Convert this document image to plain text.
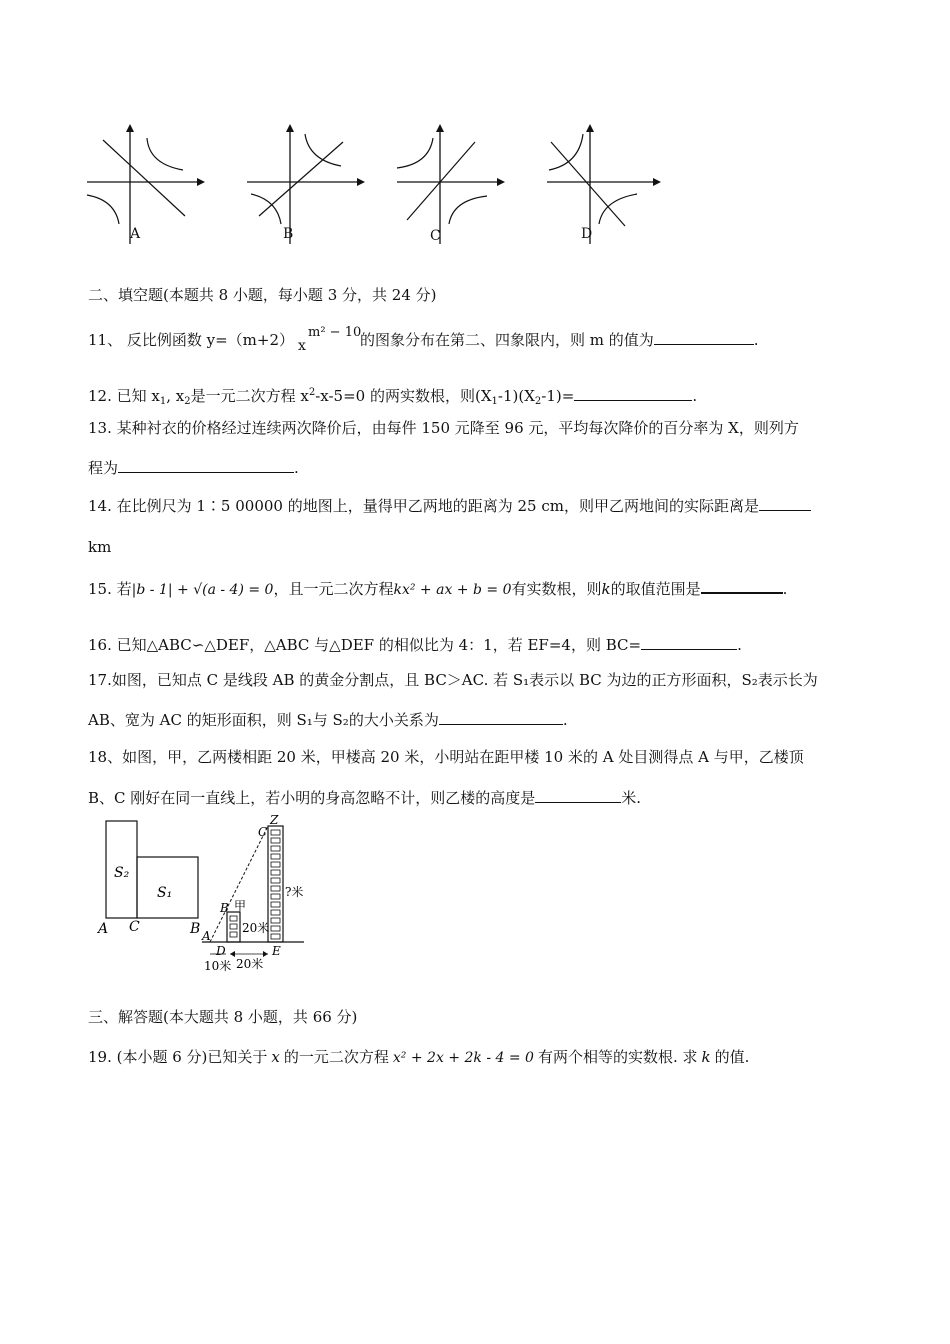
A	B	C	D
二、填空题(本题共 8 小题，每小题 3 分，共 24 分)
11、 反比例函数 y=（m+2） x
m² − 10
的图象分布在第二、四象限内，则 m 的值为	.
12. 已知 $x_1$, $x_2$是一元二次方程 $x^2-x-5=0$ 的两实数根，则$(X_1-1)(X_2-1)=$	.
13. 某种衬衣的价格经过连续两次降价后，由每件 150 元降至 96 元，平均每次降价的百分率为 X，则列方
程为	.
14. 在比例尺为 1∶5 00000 的地图上，量得甲乙两地的距离为 25 cm，则甲乙两地间的实际距离是
km
15. 若|b - 1| + √(a - 4) = 0，且一元二次方程kx² + ax + b = 0有实数根，则k的取值范围是	.
16. 已知△ABC∽△DEF，△ABC 与△DEF 的相似比为 4：1，若 EF=4，则 BC=	.
17.如图，已知点 C 是线段 AB 的黄金分割点，且 BC＞AC. 若 S₁表示以 BC 为边的正方形面积，S₂表示长为
AB、宽为 AC 的矩形面积，则 S₁与 S₂的大小关系为	.
18、如图，甲，乙两楼相距 20 米，甲楼高 20 米，小明站在距甲楼 10 米的 A 处目测得点 A 与甲，乙楼顶
B、C 刚好在同一直线上，若小明的身高忽略不计，则乙楼的高度是	米.
S₂
S₁
A C	B
C
Z
B 甲
A
20米
?米
D	E
10米 20米
三、解答题(本大题共 8 小题，共 66 分)
19. (本小题 6 分)已知关于 x 的一元二次方程 x² + 2x + 2k - 4 = 0 有两个相等的实数根. 求 k 的值.
